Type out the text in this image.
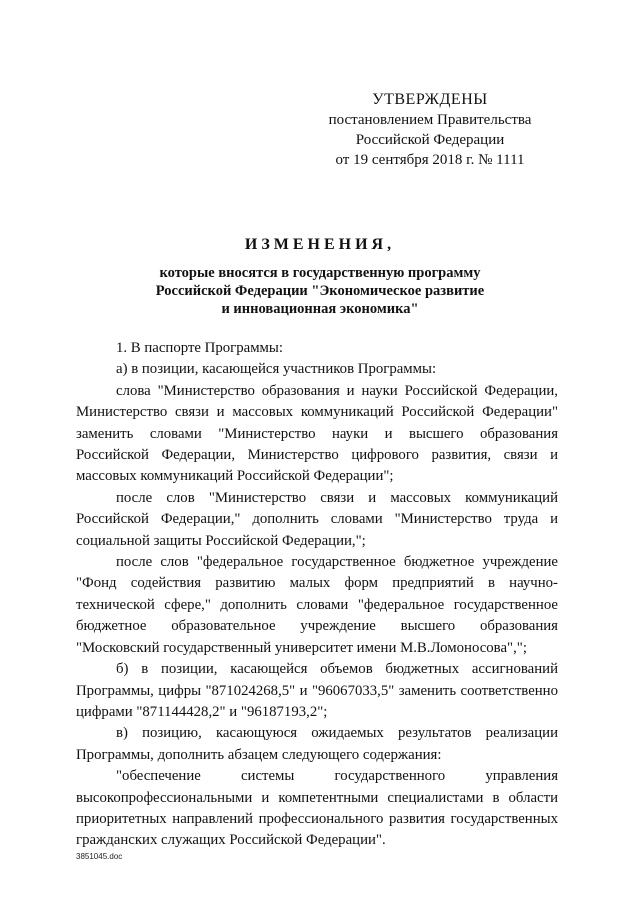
УТВЕРЖДЕНЫ
постановлением Правительства
Российской Федерации
от 19 сентября 2018 г. № 1111
ИЗМЕНЕНИЯ,
которые вносятся в государственную программу
Российской Федерации "Экономическое развитие
и инновационная экономика"

1. В паспорте Программы:

а) в позиции, касающейся участников Программы:

слова "Министерство образования и науки Российской Федерации, Министерство связи и массовых коммуникаций Российской Федерации" заменить словами "Министерство науки и высшего образования Российской Федерации, Министерство цифрового развития, связи и массовых коммуникаций Российской Федерации";

после слов "Министерство связи и массовых коммуникаций Российской Федерации," дополнить словами "Министерство труда и социальной защиты Российской Федерации,";

после слов "федеральное государственное бюджетное учреждение "Фонд содействия развитию малых форм предприятий в научно-технической сфере," дополнить словами "федеральное государственное бюджетное образовательное учреждение высшего образования "Московский государственный университет имени М.В.Ломоносова",";

б) в позиции, касающейся объемов бюджетных ассигнований Программы, цифры "871024268,5" и "96067033,5" заменить соответственно цифрами "871144428,2" и "96187193,2";

в) позицию, касающуюся ожидаемых результатов реализации Программы, дополнить абзацем следующего содержания:

"обеспечение системы государственного управления высокопрофессиональными и компетентными специалистами в области приоритетных направлений профессионального развития государственных гражданских служащих Российской Федерации".

3851045.doc
